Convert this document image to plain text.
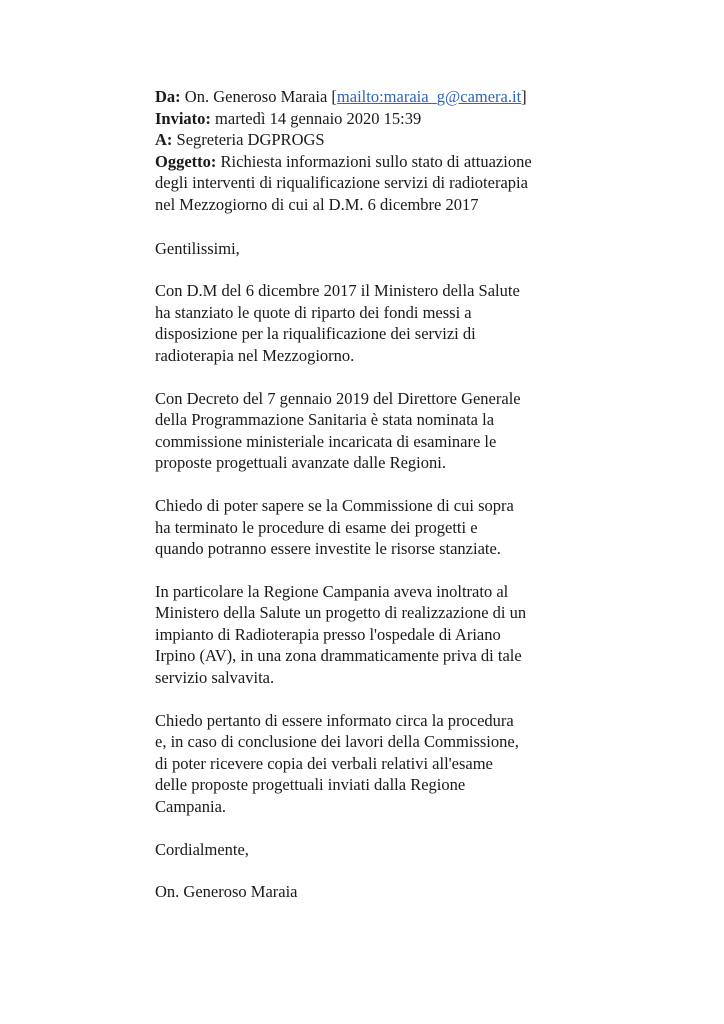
Da: On. Generoso Maraia [mailto:maraia_g@camera.it]
Inviato: martedì 14 gennaio 2020 15:39
A: Segreteria DGPROGS
Oggetto: Richiesta informazioni sullo stato di attuazione
degli interventi di riqualificazione servizi di radioterapia
nel Mezzogiorno di cui al D.M. 6 dicembre 2017
Gentilissimi,
Con D.M del 6 dicembre 2017 il Ministero della Salute
ha stanziato le quote di riparto dei fondi messi a
disposizione per la riqualificazione dei servizi di
radioterapia nel Mezzogiorno.
Con Decreto del 7 gennaio 2019 del Direttore Generale
della Programmazione Sanitaria è stata nominata la
commissione ministeriale incaricata di esaminare le
proposte progettuali avanzate dalle Regioni.
Chiedo di poter sapere se la Commissione di cui sopra
ha terminato le procedure di esame dei progetti e
quando potranno essere investite le risorse stanziate.
In particolare la Regione Campania aveva inoltrato al
Ministero della Salute un progetto di realizzazione di un
impianto di Radioterapia presso l'ospedale di Ariano
Irpino (AV), in una zona drammaticamente priva di tale
servizio salvavita.
Chiedo pertanto di essere informato circa la procedura
e, in caso di conclusione dei lavori della Commissione,
di poter ricevere copia dei verbali relativi all'esame
delle proposte progettuali inviati dalla Regione
Campania.
Cordialmente,
On. Generoso Maraia
